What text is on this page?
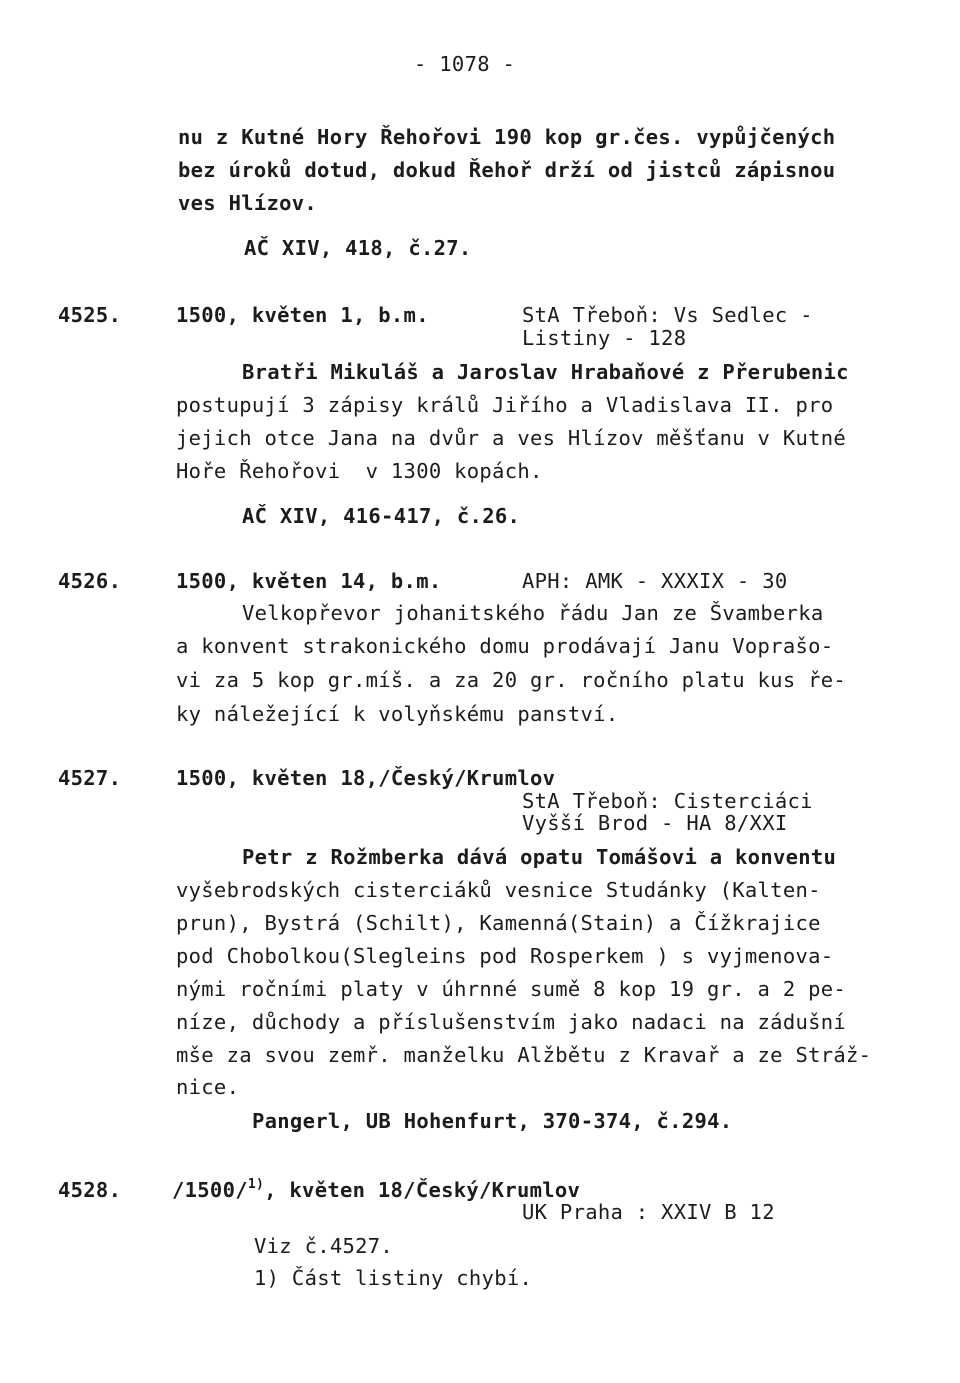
- 1078 -
nu z Kutné Hory Řehořovi 190 kop gr.čes. vypůjčených
bez úroků dotud, dokud Řehoř drží od jistců zápisnou
ves Hlízov.
AČ XIV, 418, č.27.
4525.	1500, květen 1, b.m.	StA Třeboň: Vs Sedlec -
Listiny - 128
Bratři Mikuláš a Jaroslav Hrabaňové z Přerubenic
postupují 3 zápisy králů Jiřího a Vladislava II. pro
jejich otce Jana na dvůr a ves Hlízov měšťanu v Kutné
Hoře Řehořovi  v 1300 kopách.
AČ XIV, 416-417, č.26.
4526.	1500, květen 14, b.m.	APH: AMK - XXXIX - 30
Velkopřevor johanitského řádu Jan ze Švamberka
a konvent strakonického domu prodávají Janu Voprašo-
vi za 5 kop gr.míš. a za 20 gr. ročního platu kus ře-
ky náležející k volyňskému panství.
4527.	1500, květen 18,/Český/Krumlov
StA Třeboň: Cisterciáci
Vyšší Brod - HA 8/XXI
Petr z Rožmberka dává opatu Tomášovi a konventu
vyšebrodských cisterciáků vesnice Studánky (Kalten-
prun), Bystrá (Schilt), Kamenná(Stain) a Čížkrajice
pod Chobolkou(Slegleins pod Rosperkem ) s vyjmenova-
nými ročními platy v úhrnné sumě 8 kop 19 gr. a 2 pe-
níze, důchody a příslušenstvím jako nadaci na zádušní
mše za svou zemř. manželku Alžbětu z Kravař a ze Stráž-
nice.
Pangerl, UB Hohenfurt, 370-374, č.294.
4528. /1500/$^{1)}$, květen 18/Český/Krumlov
UK Praha : XXIV B 12
Viz č.4527.
1) Část listiny chybí.
